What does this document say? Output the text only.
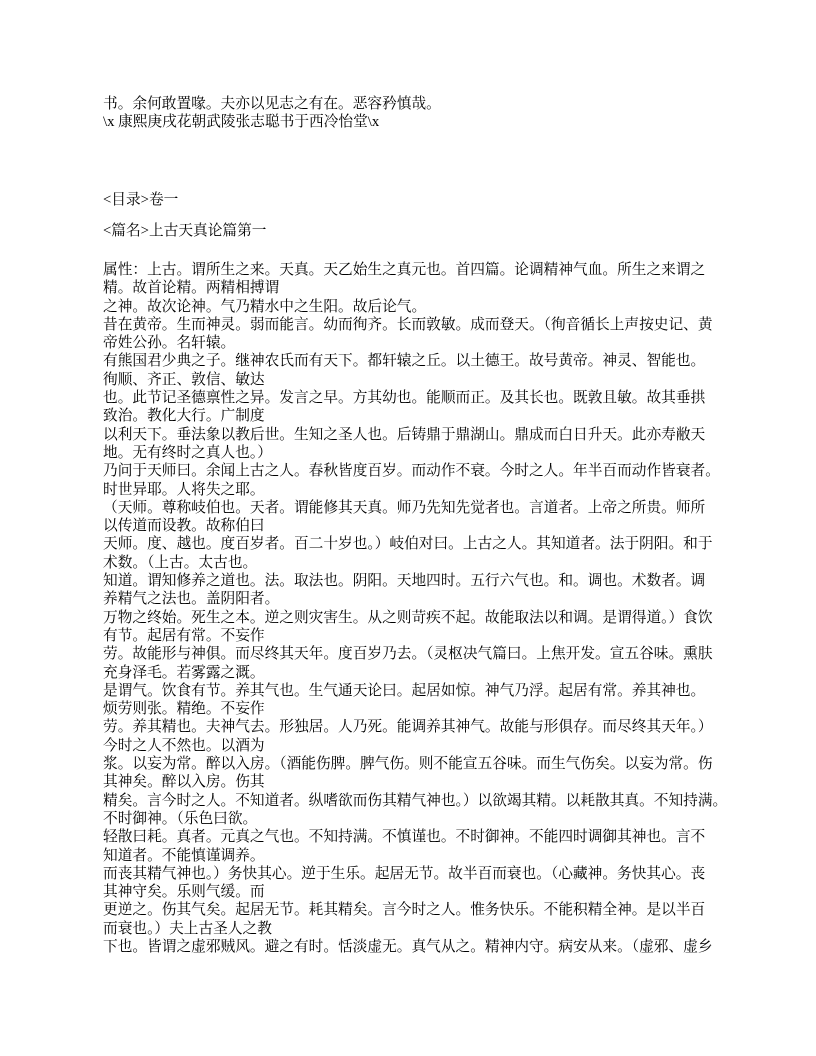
书。余何敢置喙。夫亦以见志之有在。恶容矜慎哉。
\x 康熙庚戌花朝武陵张志聪书于西冷怡堂\x
<目录>卷一
<篇名>上古天真论篇第一
属性：上古。谓所生之来。天真。天乙始生之真元也。首四篇。论调精神气血。所生之来谓之
精。故首论精。两精相搏谓
之神。故次论神。气乃精水中之生阳。故后论气。
昔在黄帝。生而神灵。弱而能言。幼而徇齐。长而敦敏。成而登天。（徇音循长上声按史记、黄
帝姓公孙。名轩辕。
有熊国君少典之子。继神农氏而有天下。都轩辕之丘。以土德王。故号黄帝。神灵、智能也。
徇顺、齐正、敦信、敏达
也。此节记圣德禀性之异。发言之早。方其幼也。能顺而正。及其长也。既敦且敏。故其垂拱
致治。教化大行。广制度
以利天下。垂法象以教后世。生知之圣人也。后铸鼎于鼎湖山。鼎成而白日升天。此亦寿敝天
地。无有终时之真人也。）
乃问于天师曰。余闻上古之人。春秋皆度百岁。而动作不衰。今时之人。年半百而动作皆衰者。
时世异耶。人将失之耶。
（天师。尊称岐伯也。天者。谓能修其天真。师乃先知先觉者也。言道者。上帝之所贵。师所
以传道而设教。故称伯曰
天师。度、越也。度百岁者。百二十岁也。）岐伯对曰。上古之人。其知道者。法于阴阳。和于
术数。（上古。太古也。
知道。谓知修养之道也。法。取法也。阴阳。天地四时。五行六气也。和。调也。术数者。调
养精气之法也。盖阴阳者。
万物之终始。死生之本。逆之则灾害生。从之则苛疾不起。故能取法以和调。是谓得道。）食饮
有节。起居有常。不妄作
劳。故能形与神俱。而尽终其天年。度百岁乃去。（灵枢决气篇曰。上焦开发。宣五谷味。熏肤
充身泽毛。若雾露之溉。
是谓气。饮食有节。养其气也。生气通天论曰。起居如惊。神气乃浮。起居有常。养其神也。
烦劳则张。精绝。不妄作
劳。养其精也。夫神气去。形独居。人乃死。能调养其神气。故能与形俱存。而尽终其天年。）
今时之人不然也。以酒为
浆。以妄为常。醉以入房。（酒能伤脾。脾气伤。则不能宣五谷味。而生气伤矣。以妄为常。伤
其神矣。醉以入房。伤其
精矣。言今时之人。不知道者。纵嗜欲而伤其精气神也。）以欲竭其精。以耗散其真。不知持满。
不时御神。（乐色曰欲。
轻散曰耗。真者。元真之气也。不知持满。不慎谨也。不时御神。不能四时调御其神也。言不
知道者。不能慎谨调养。
而丧其精气神也。）务快其心。逆于生乐。起居无节。故半百而衰也。（心藏神。务快其心。丧
其神守矣。乐则气缓。而
更逆之。伤其气矣。起居无节。耗其精矣。言今时之人。惟务快乐。不能积精全神。是以半百
而衰也。）夫上古圣人之教
下也。皆谓之虚邪贼风。避之有时。恬淡虚无。真气从之。精神内守。病安从来。（虚邪、虚乡
